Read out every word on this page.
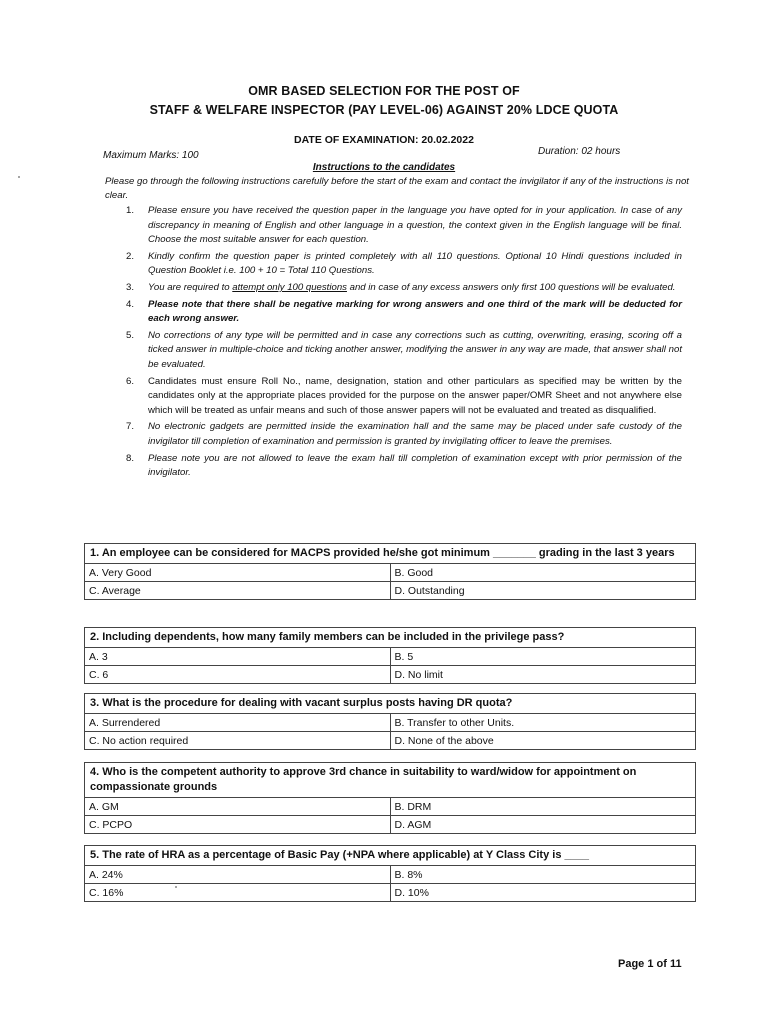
OMR BASED SELECTION FOR THE POST OF
STAFF & WELFARE INSPECTOR (PAY LEVEL-06) AGAINST 20% LDCE QUOTA
DATE OF EXAMINATION: 20.02.2022
Maximum Marks: 100	Duration: 02 hours
Instructions to the candidates
Please go through the following instructions carefully before the start of the exam and contact the invigilator if any of the instructions is not clear.
1. Please ensure you have received the question paper in the language you have opted for in your application. In case of any discrepancy in meaning of English and other language in a question, the context given in the English language will be final. Choose the most suitable answer for each question.
2. Kindly confirm the question paper is printed completely with all 110 questions. Optional 10 Hindi questions included in Question Booklet i.e. 100 + 10 = Total 110 Questions.
3. You are required to attempt only 100 questions and in case of any excess answers only first 100 questions will be evaluated.
4. Please note that there shall be negative marking for wrong answers and one third of the mark will be deducted for each wrong answer.
5. No corrections of any type will be permitted and in case any corrections such as cutting, overwriting, erasing, scoring off a ticked answer in multiple-choice and ticking another answer, modifying the answer in any way are made, that answer shall not be evaluated.
6. Candidates must ensure Roll No., name, designation, station and other particulars as specified may be written by the candidates only at the appropriate places provided for the purpose on the answer paper/OMR Sheet and not anywhere else which will be treated as unfair means and such of those answer papers will not be evaluated and treated as disqualified.
7. No electronic gadgets are permitted inside the examination hall and the same may be placed under safe custody of the invigilator till completion of examination and permission is granted by invigilating officer to leave the premises.
8. Please note you are not allowed to leave the exam hall till completion of examination except with prior permission of the invigilator.
1. An employee can be considered for MACPS provided he/she got minimum _______ grading in the last 3 years	
A. Very Good	B. Good
C. Average	D. Outstanding
2. Including dependents, how many family members can be included in the privilege pass?	
A. 3	B. 5
C. 6	D. No limit
3. What is the procedure for dealing with vacant surplus posts having DR quota?	
A. Surrendered	B. Transfer to other Units.
C. No action required	D. None of the above
4. Who is the competent authority to approve 3rd chance in suitability to ward/widow for appointment on compassionate grounds	
A. GM	B. DRM
C. PCPO	D. AGM
5. The rate of HRA as a percentage of Basic Pay (+NPA where applicable) at Y Class City is ____	
A. 24%	B. 8%
C. 16%	D. 10%
Page 1 of 11
